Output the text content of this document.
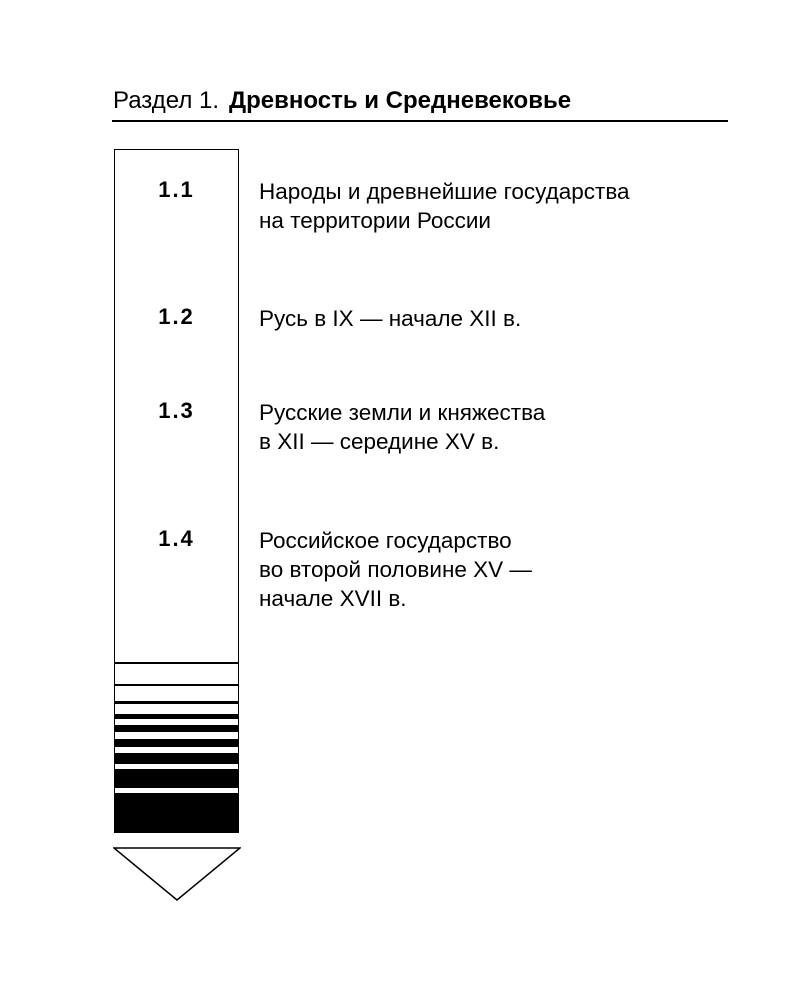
Раздел 1. Древность и Средневековье
1.1	Народы и древнейшие государства
на территории России
1.2	Русь в IX — начале XII в.
1.3	Русские земли и княжества
в XII — середине XV в.
1.4	Российское государство
во второй половине XV —
начале XVII в.
